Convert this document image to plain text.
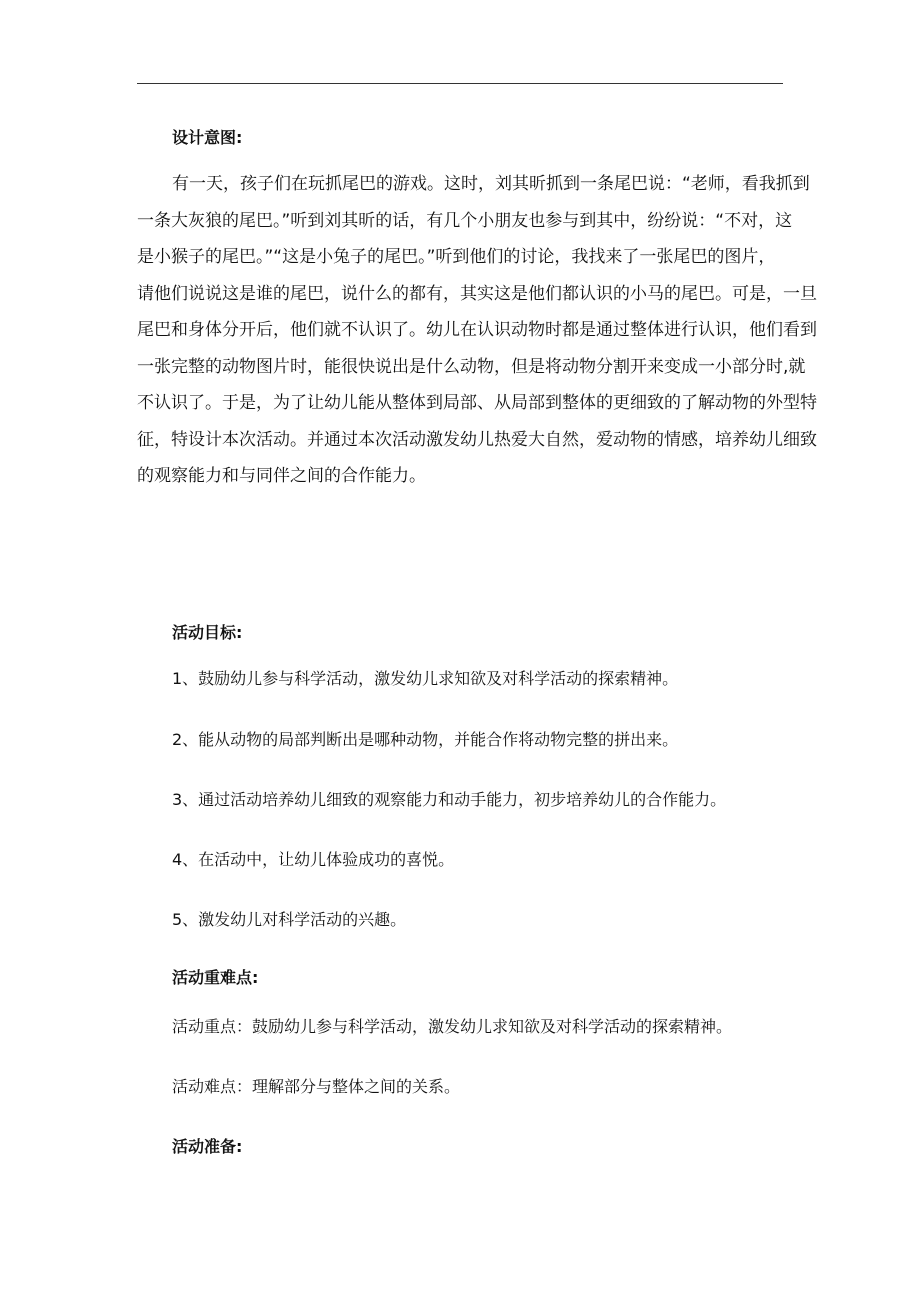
设计意图:
有一天，孩子们在玩抓尾巴的游戏。这时，刘其昕抓到一条尾巴说：“老师，看我抓到
一条大灰狼的尾巴。”听到刘其昕的话，有几个小朋友也参与到其中，纷纷说：“不对，这
是小猴子的尾巴。”“这是小兔子的尾巴。”听到他们的讨论，我找来了一张尾巴的图片，
请他们说说这是谁的尾巴，说什么的都有，其实这是他们都认识的小马的尾巴。可是，一旦
尾巴和身体分开后，他们就不认识了。幼儿在认识动物时都是通过整体进行认识，他们看到
一张完整的动物图片时，能很快说出是什么动物，但是将动物分割开来变成一小部分时,就
不认识了。于是，为了让幼儿能从整体到局部、从局部到整体的更细致的了解动物的外型特
征，特设计本次活动。并通过本次活动激发幼儿热爱大自然，爱动物的情感，培养幼儿细致
的观察能力和与同伴之间的合作能力。
活动目标:
1、鼓励幼儿参与科学活动，激发幼儿求知欲及对科学活动的探索精神。
2、能从动物的局部判断出是哪种动物，并能合作将动物完整的拼出来。
3、通过活动培养幼儿细致的观察能力和动手能力，初步培养幼儿的合作能力。
4、在活动中，让幼儿体验成功的喜悦。
5、激发幼儿对科学活动的兴趣。
活动重难点:
活动重点：鼓励幼儿参与科学活动，激发幼儿求知欲及对科学活动的探索精神。
活动难点：理解部分与整体之间的关系。
活动准备:
